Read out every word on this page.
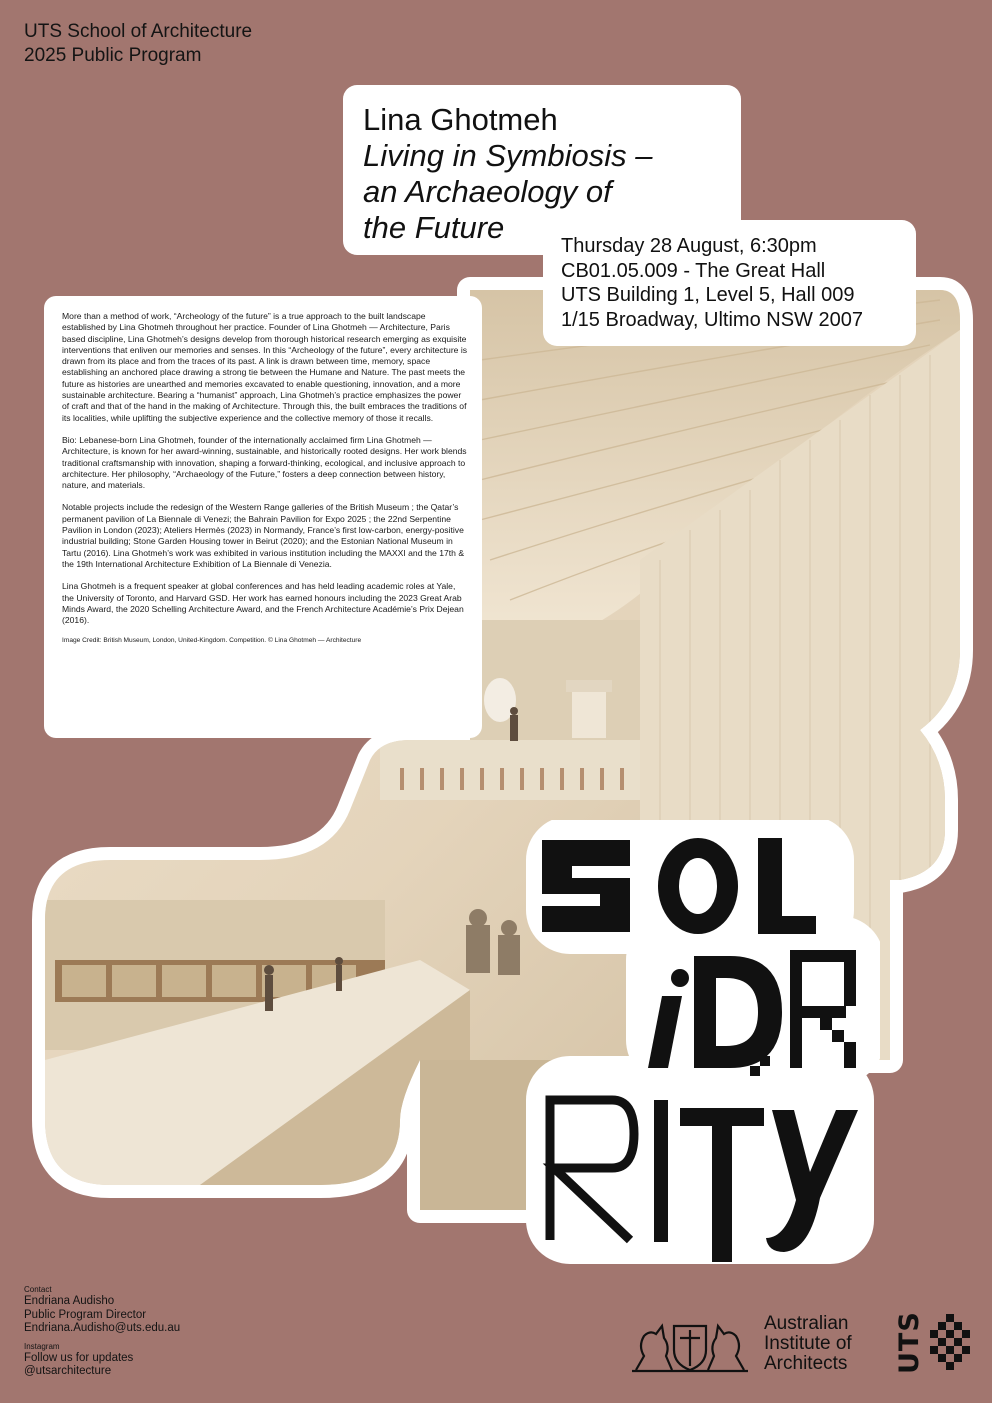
UTS School of Architecture
2025 Public Program
Lina Ghotmeh
Living in Symbiosis –
an Archaeology of
the Future
Thursday 28 August, 6:30pm
CB01.05.009 - The Great Hall
UTS Building 1, Level 5, Hall 009
1/15 Broadway, Ultimo NSW 2007

More than a method of work, “Archeology of the future” is a true approach to the built landscape established by Lina Ghotmeh throughout her practice. Founder of Lina Ghotmeh — Architecture, Paris based discipline, Lina Ghotmeh’s designs develop from thorough historical research emerging as exquisite interventions that enliven our memories and senses. In this “Archeology of the future”, every architecture is drawn from its place and from the traces of its past. A link is drawn between time, memory, space establishing an anchored place drawing a strong tie between the Humane and Nature. The past meets the future as histories are unearthed and memories excavated to enable questioning, innovation, and a more sustainable architecture. Bearing a “humanist” approach, Lina Ghotmeh’s practice emphasizes the power of craft and that of the hand in the making of Architecture. Through this, the built embraces the traditions of its localities, while uplifting the subjective experience and the collective memory of those it recalls.

Bio: Lebanese-born Lina Ghotmeh, founder of the internationally acclaimed firm Lina Ghotmeh — Architecture, is known for her award-winning, sustainable, and historically rooted designs. Her work blends traditional craftsmanship with innovation, shaping a forward-thinking, ecological, and inclusive approach to architecture. Her philosophy, “Archaeology of the Future,” fosters a deep connection between history, nature, and materials.

Notable projects include the redesign of the Western Range galleries of the British Museum ; the Qatar’s permanent pavilion of La Biennale di Venezi; the Bahrain Pavilion for Expo 2025 ; the 22nd Serpentine Pavilion in London (2023); Ateliers Hermès (2023) in Normandy, France’s first low-carbon, energy-positive industrial building; Stone Garden Housing tower in Beirut (2020); and the Estonian National Museum in Tartu (2016). Lina Ghotmeh’s work was exhibited in various institution including the MAXXI and the 17th & the 19th International Architecture Exhibition of La Biennale di Venezia.

Lina Ghotmeh is a frequent speaker at global conferences and has held leading academic roles at Yale, the University of Toronto, and Harvard GSD. Her work has earned honours including the 2023 Great Arab Minds Award, the 2020 Schelling Architecture Award, and the French Architecture Académie’s Prix Dejean (2016).

Image Credit: British Museum, London, United-Kingdom. Competition. © Lina Ghotmeh — Architecture
Contact
Endriana Audisho
Public Program Director
Endriana.Audisho@uts.edu.au
Instagram
Follow us for updates
@utsarchitecture
Australian
Institute of
Architects UTS
